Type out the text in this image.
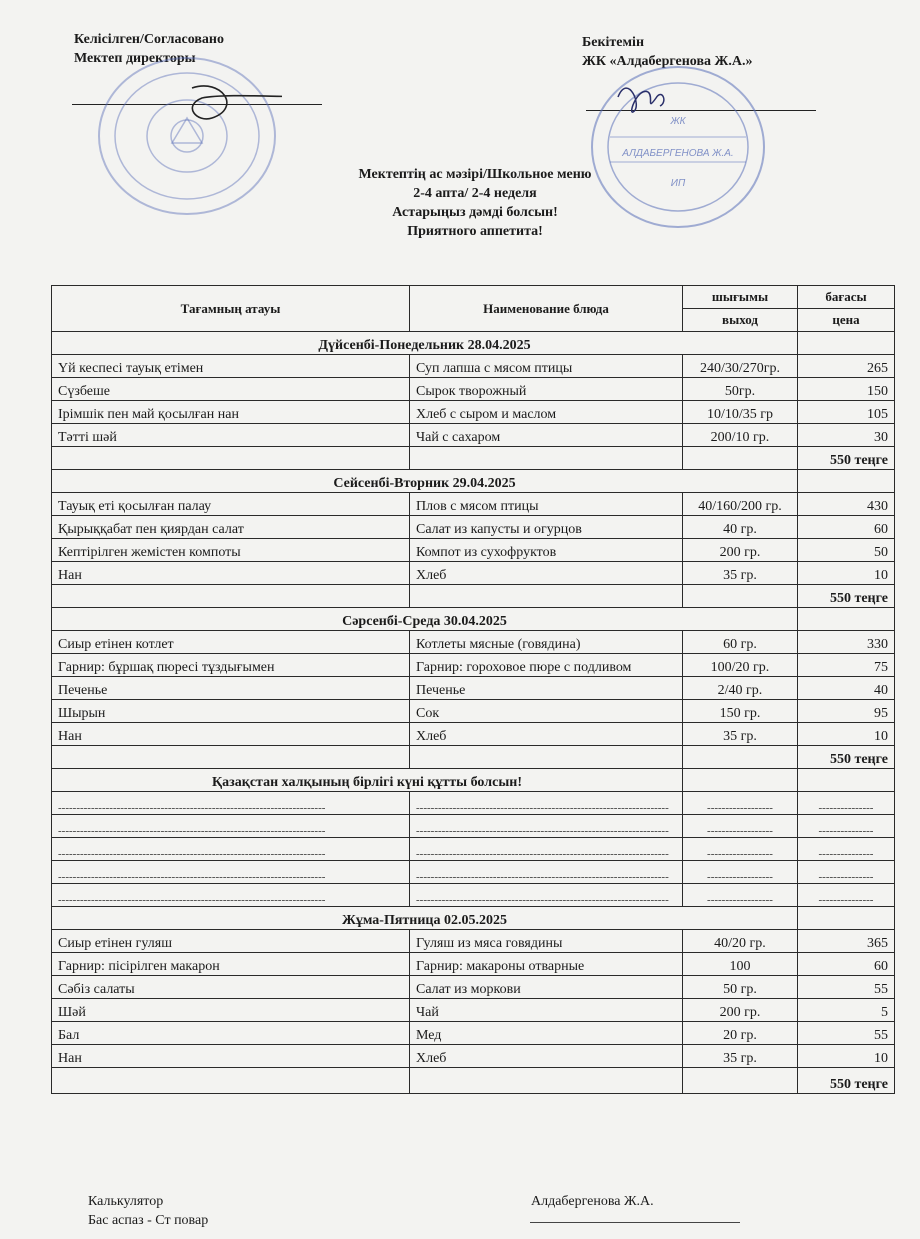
Келісілген/Согласовано
Мектеп директоры
Бекітемін
ЖК «Алдабергенова Ж.А.»
ЖК
АЛДАБЕРГЕНОВА Ж.А.
ИП
Мектептің ас мәзірі/Школьное меню
2-4 апта/ 2-4 неделя
Астарыңыз дәмді болсын!
Приятного аппетита!
Тағамның атауы	Наименование блюда	шығымы	бағасы
		выход	цена
Дүйсенбі-Понедельник 28.04.2025			
Үй кеспесі тауық етімен	Суп лапша с мясом птицы	240/30/270гр.	265
Сүзбеше	Сырок творожный	50гр.	150
Ірімшік пен май қосылған нан	Хлеб с сыром и маслом	10/10/35 гр	105
Тәтті шәй	Чай с сахаром	200/10 гр.	30
			550 теңге
Сейсенбі-Вторник 29.04.2025			
Тауық еті қосылған палау	Плов с мясом птицы	40/160/200 гр.	430
Қырыққабат пен қиярдан салат	Салат из капусты и огурцов	40 гр.	60
Кептірілген жемістен компоты	Компот из сухофруктов	200 гр.	50
Нан	Хлеб	35 гр.	10
			550 теңге
Сәрсенбі-Среда 30.04.2025			
Сиыр етінен котлет	Котлеты мясные (говядина)	60 гр.	330
Гарнир: бұршақ пюресі тұздығымен	Гарнир: гороховое пюре с подливом	100/20 гр.	75
Печенье	Печенье	2/40 гр.	40
Шырын	Сок	150 гр.	95
Нан	Хлеб	35 гр.	10
			550 теңге
Қазақстан халқының бірлігі күні құтты болсын!			
-------------------------------------------------------------------------	---------------------------------------------------------------------	------------------	---------------
-------------------------------------------------------------------------	---------------------------------------------------------------------	------------------	---------------
-------------------------------------------------------------------------	---------------------------------------------------------------------	------------------	---------------
-------------------------------------------------------------------------	---------------------------------------------------------------------	------------------	---------------
-------------------------------------------------------------------------	---------------------------------------------------------------------	------------------	---------------
Жұма-Пятница 02.05.2025			
Сиыр етінен гуляш	Гуляш из мяса говядины	40/20 гр.	365
Гарнир: пісірілген макарон	Гарнир: макароны отварные	100	60
Сәбіз салаты	Салат из моркови	50 гр.	55
Шәй	Чай	200 гр.	5
Бал	Мед	20 гр.	55
Нан	Хлеб	35 гр.	10
			550 теңге
Калькулятор
Бас аспаз - Ст повар
Алдабергенова Ж.А.
